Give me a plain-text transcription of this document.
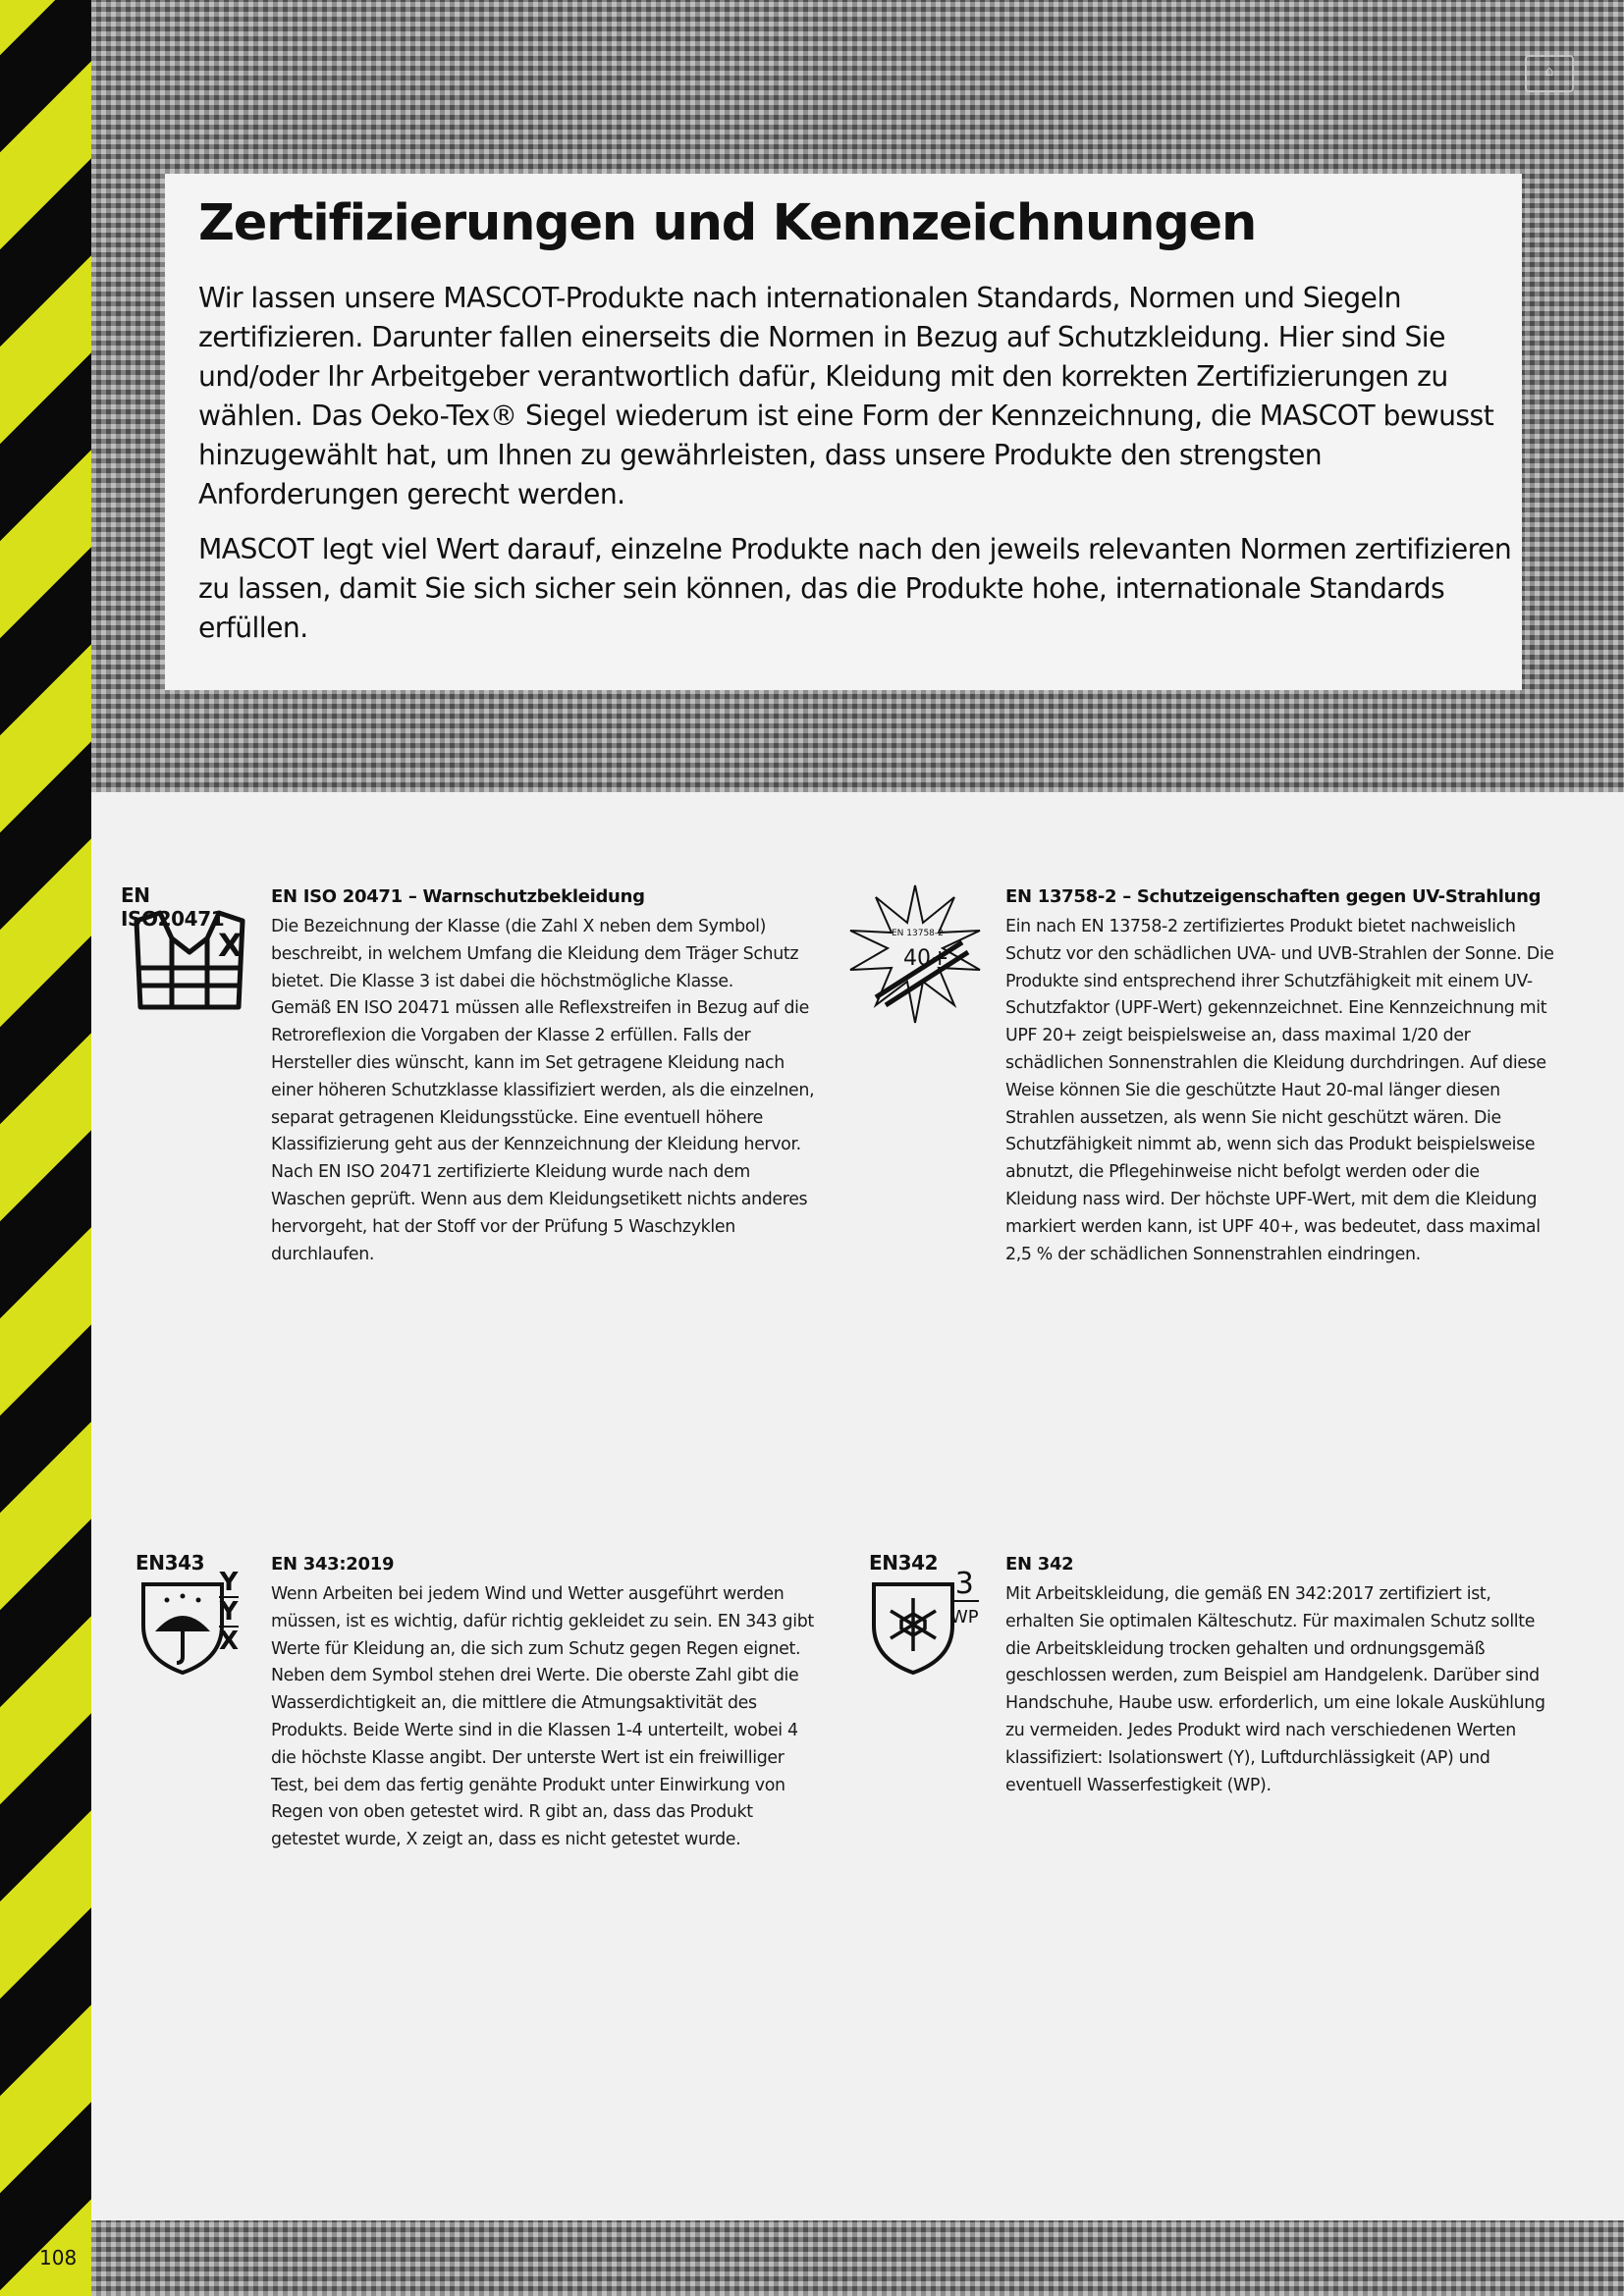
⌂
Zertifizierungen und Kennzeichnungen

Wir lassen unsere MASCOT-Produkte nach internationalen Standards, Normen und Siegeln zertifizieren. Darunter fallen einerseits die Normen in Bezug auf Schutzkleidung. Hier sind Sie und/oder Ihr Arbeitgeber verantwortlich dafür, Kleidung mit den korrekten Zertifizierungen zu wählen. Das Oeko-Tex® Siegel wiederum ist eine Form der Kennzeichnung, die MASCOT bewusst hinzugewählt hat, um Ihnen zu gewährleisten, dass unsere Produkte den strengsten Anforderungen gerecht werden.

MASCOT legt viel Wert darauf, einzelne Produkte nach den jeweils relevanten Normen zertifizieren zu lassen, damit Sie sich sicher sein können, das die Produkte hohe, internationale Standards erfüllen.

EN ISO20471
X
EN ISO 20471 – Warnschutzbekleidung

Die Bezeichnung der Klasse (die Zahl X neben dem Symbol) beschreibt, in welchem Umfang die Kleidung dem Träger Schutz bietet. Die Klasse 3 ist dabei die höchstmögliche Klasse.

Gemäß EN ISO 20471 müssen alle Reflexstreifen in Bezug auf die Retroreflexion die Vorgaben der Klasse 2 erfüllen. Falls der Hersteller dies wünscht, kann im Set getragene Kleidung nach einer höheren Schutzklasse klassifiziert werden, als die einzelnen, separat getragenen Kleidungsstücke. Eine eventuell höhere Klassifizierung geht aus der Kennzeichnung der Kleidung hervor. Nach EN ISO 20471 zertifizierte Kleidung wurde nach dem Waschen geprüft. Wenn aus dem Kleidungsetikett nichts anderes hervorgeht, hat der Stoff vor der Prüfung 5 Waschzyklen durchlaufen.

EN 13758-2
40+
EN 13758-2 – Schutzeigenschaften gegen UV-Strahlung

Ein nach EN 13758-2 zertifiziertes Produkt bietet nachweislich Schutz vor den schädlichen UVA- und UVB-Strahlen der Sonne. Die Produkte sind entsprechend ihrer Schutzfähigkeit mit einem UV-Schutzfaktor (UPF-Wert) gekennzeichnet. Eine Kennzeichnung mit UPF 20+ zeigt beispielsweise an, dass maximal 1/20 der schädlichen Sonnenstrahlen die Kleidung durchdringen. Auf diese Weise können Sie die geschützte Haut 20-mal länger diesen Strahlen aussetzen, als wenn Sie nicht geschützt wären. Die Schutzfähigkeit nimmt ab, wenn sich das Produkt beispielsweise abnutzt, die Pflegehinweise nicht befolgt werden oder die Kleidung nass wird. Der höchste UPF-Wert, mit dem die Kleidung markiert werden kann, ist UPF 40+, was bedeutet, dass maximal 2,5 % der schädlichen Sonnenstrahlen eindringen.

EN343
Y
Y
X
EN 343:2019

Wenn Arbeiten bei jedem Wind und Wetter ausgeführt werden müssen, ist es wichtig, dafür richtig gekleidet zu sein. EN 343 gibt Werte für Kleidung an, die sich zum Schutz gegen Regen eignet. Neben dem Symbol stehen drei Werte. Die oberste Zahl gibt die Wasserdichtigkeit an, die mittlere die Atmungsaktivität des Produkts. Beide Werte sind in die Klassen 1-4 unterteilt, wobei 4 die höchste Klasse angibt. Der unterste Wert ist ein freiwilliger Test, bei dem das fertig genähte Produkt unter Einwirkung von Regen von oben getestet wird. R gibt an, dass das Produkt getestet wurde, X zeigt an, dass es nicht getestet wurde.

EN342
3
WP
EN 342

Mit Arbeitskleidung, die gemäß EN 342:2017 zertifiziert ist, erhalten Sie optimalen Kälteschutz. Für maximalen Schutz sollte die Arbeitskleidung trocken gehalten und ordnungsgemäß geschlossen werden, zum Beispiel am Handgelenk. Darüber sind Handschuhe, Haube usw. erforderlich, um eine lokale Auskühlung zu vermeiden. Jedes Produkt wird nach verschiedenen Werten klassifiziert: Isolationswert (Y), Luftdurchlässigkeit (AP) und eventuell Wasserfestigkeit (WP).

108
